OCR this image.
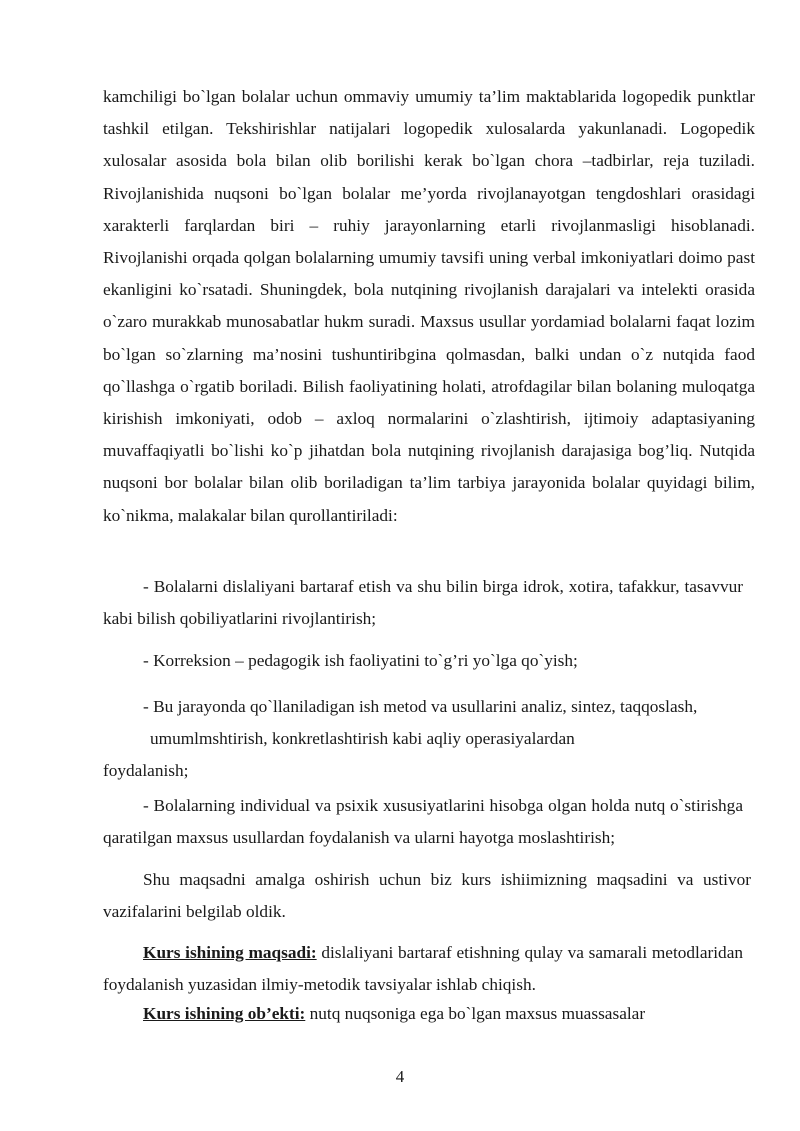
kamchiligi bo`lgan bolalar uchun ommaviy umumiy ta’lim maktablarida logopedik punktlar tashkil etilgan. Tekshirishlar natijalari logopedik xulosalarda yakunlanadi. Logopedik xulosalar asosida bola bilan olib borilishi kerak bo`lgan chora –tadbirlar, reja tuziladi. Rivojlanishida nuqsoni bo`lgan bolalar me’yorda rivojlanayotgan tengdoshlari orasidagi xarakterli farqlardan biri – ruhiy jarayonlarning etarli rivojlanmasligi hisoblanadi. Rivojlanishi orqada qolgan bolalarning umumiy tavsifi uning verbal imkoniyatlari doimo past ekanligini ko`rsatadi. Shuningdek, bola nutqining rivojlanish darajalari va intelekti orasida o`zaro murakkab munosabatlar hukm suradi. Maxsus usullar yordamiad bolalarni faqat lozim bo`lgan so`zlarning ma’nosini tushuntiribgina qolmasdan, balki undan o`z nutqida faod qo`llashga o`rgatib boriladi. Bilish faoliyatining holati, atrofdagilar bilan bolaning muloqatga kirishish imkoniyati, odob – axloq normalarini o`zlashtirish, ijtimoiy adaptasiyaning muvaffaqiyatli bo`lishi ko`p jihatdan bola nutqining rivojlanish darajasiga bog’liq. Nutqida nuqsoni bor bolalar bilan olib boriladigan ta’lim tarbiya jarayonida bolalar quyidagi bilim, ko`nikma, malakalar bilan qurollantiriladi:

- Bolalarni dislaliyani bartaraf etish va shu bilin birga idrok, xotira, tafakkur, tasavvur kabi bilish qobiliyatlarini rivojlantirish;

- Korreksion – pedagogik ish faoliyatini to`g’ri yo`lga qo`yish;

- Bu jarayonda qo`llaniladigan ish metod va usullarini analiz, sintez, taqqoslash,

umumlmshtirish, konkretlashtirish kabi aqliy operasiyalardan

foydalanish;

- Bolalarning individual va psixik xususiyatlarini hisobga olgan holda nutq o`stirishga qaratilgan maxsus usullardan foydalanish va ularni hayotga moslashtirish;

Shu maqsadni amalga oshirish uchun biz kurs ishiimizning maqsadini va ustivor vazifalarini belgilab oldik.

Kurs ishining maqsadi: dislaliyani bartaraf etishning qulay va samarali metodlaridan foydalanish yuzasidan ilmiy-metodik tavsiyalar ishlab chiqish.

Kurs ishining ob’ekti: nutq nuqsoniga ega bo`lgan maxsus muassasalar

4
